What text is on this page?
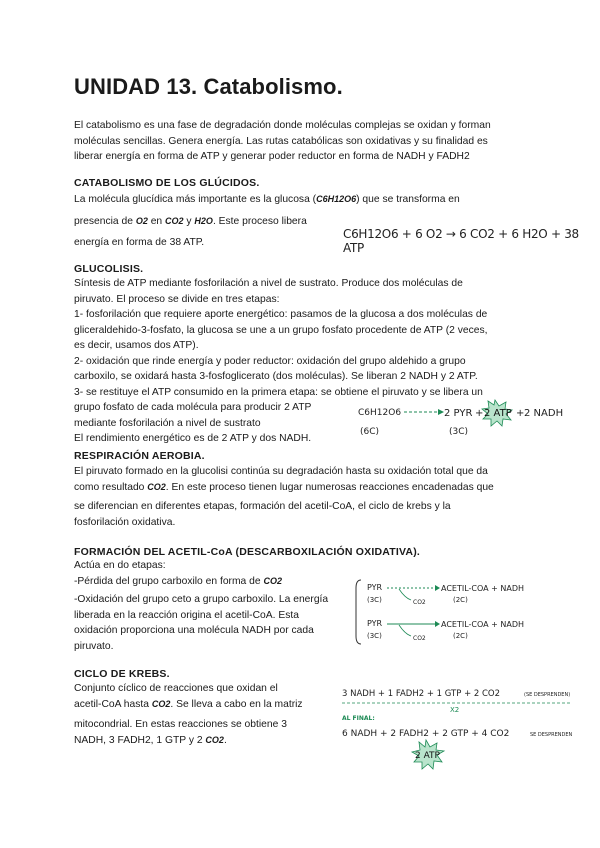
UNIDAD 13. Catabolismo.
El catabolismo es una fase de degradación donde moléculas complejas se oxidan y forman
moléculas sencillas. Genera energía. Las rutas catabólicas son oxidativas y su finalidad es
liberar energía en forma de ATP y generar poder reductor en forma de NADH y FADH2
CATABOLISMO DE LOS GLÚCIDOS.
La molécula glucídica más importante es la glucosa (C6H12O6) que se transforma en
presencia de O2 en CO2 y H2O. Este proceso libera
energía en forma de 38 ATP.
C6H12O6 + 6 O2 → 6 CO2 + 6 H2O + 38 ATP
GLUCOLISIS.
Síntesis de ATP mediante fosforilación a nivel de sustrato. Produce dos moléculas de
piruvato. El proceso se divide en tres etapas:
1- fosforilación que requiere aporte energético: pasamos de la glucosa a dos moléculas de
gliceraldehido-3-fosfato, la glucosa se une a un grupo fosfato procedente de ATP (2 veces,
es decir, usamos dos ATP).
2- oxidación que rinde energía y poder reductor: oxidación del grupo aldehido a grupo
carboxilo, se oxidará hasta 3-fosfoglicerato (dos moléculas). Se liberan 2 NADH y 2 ATP.
3- se restituye el ATP consumido en la primera etapa: se obtiene el piruvato y se libera un
grupo fosfato de cada molécula para producir 2 ATP
mediante fosforilación a nivel de sustrato
El rendimiento energético es de 2 ATP y dos NADH.
C6H12O6
(6C)
2 PYR
(3C)
+ 2 ATP + 2 NADH
RESPIRACIÓN AEROBIA.
El piruvato formado en la glucolisi continúa su degradación hasta su oxidación total que da
como resultado CO2. En este proceso tienen lugar numerosas reacciones encadenadas que
se diferencian en diferentes etapas, formación del acetil-CoA, el ciclo de krebs y la
fosforilación oxidativa.
FORMACIÓN DEL ACETIL-CoA (DESCARBOXILACIÓN OXIDATIVA).
Actúa en do etapas:
-Pérdida del grupo carboxilo en forma de CO2
-Oxidación del grupo ceto a grupo carboxilo. La energía
liberada en la reacción origina el acetil-CoA. Esta
oxidación proporciona una molécula NADH por cada
piruvato.
PYR
(3C)	CO2
ACETIL-COA + NADH
(2C)
PYR
(3C)	CO2
ACETIL-COA + NADH
(2C)
CICLO DE KREBS.
Conjunto cíclico de reacciones que oxidan el
acetil-CoA hasta CO2. Se lleva a cabo en la matriz
mitocondrial. En estas reacciones se obtiene 3
NADH, 3 FADH2, 1 GTP y 2 CO2.
3 NADH + 1 FADH2 + 1 GTP + 2 CO2	(SE DESPRENDEN)
X2
AL FINAL:
6 NADH + 2 FADH2 + 2 GTP + 4 CO2	SE DESPRENDEN
2 ATP
